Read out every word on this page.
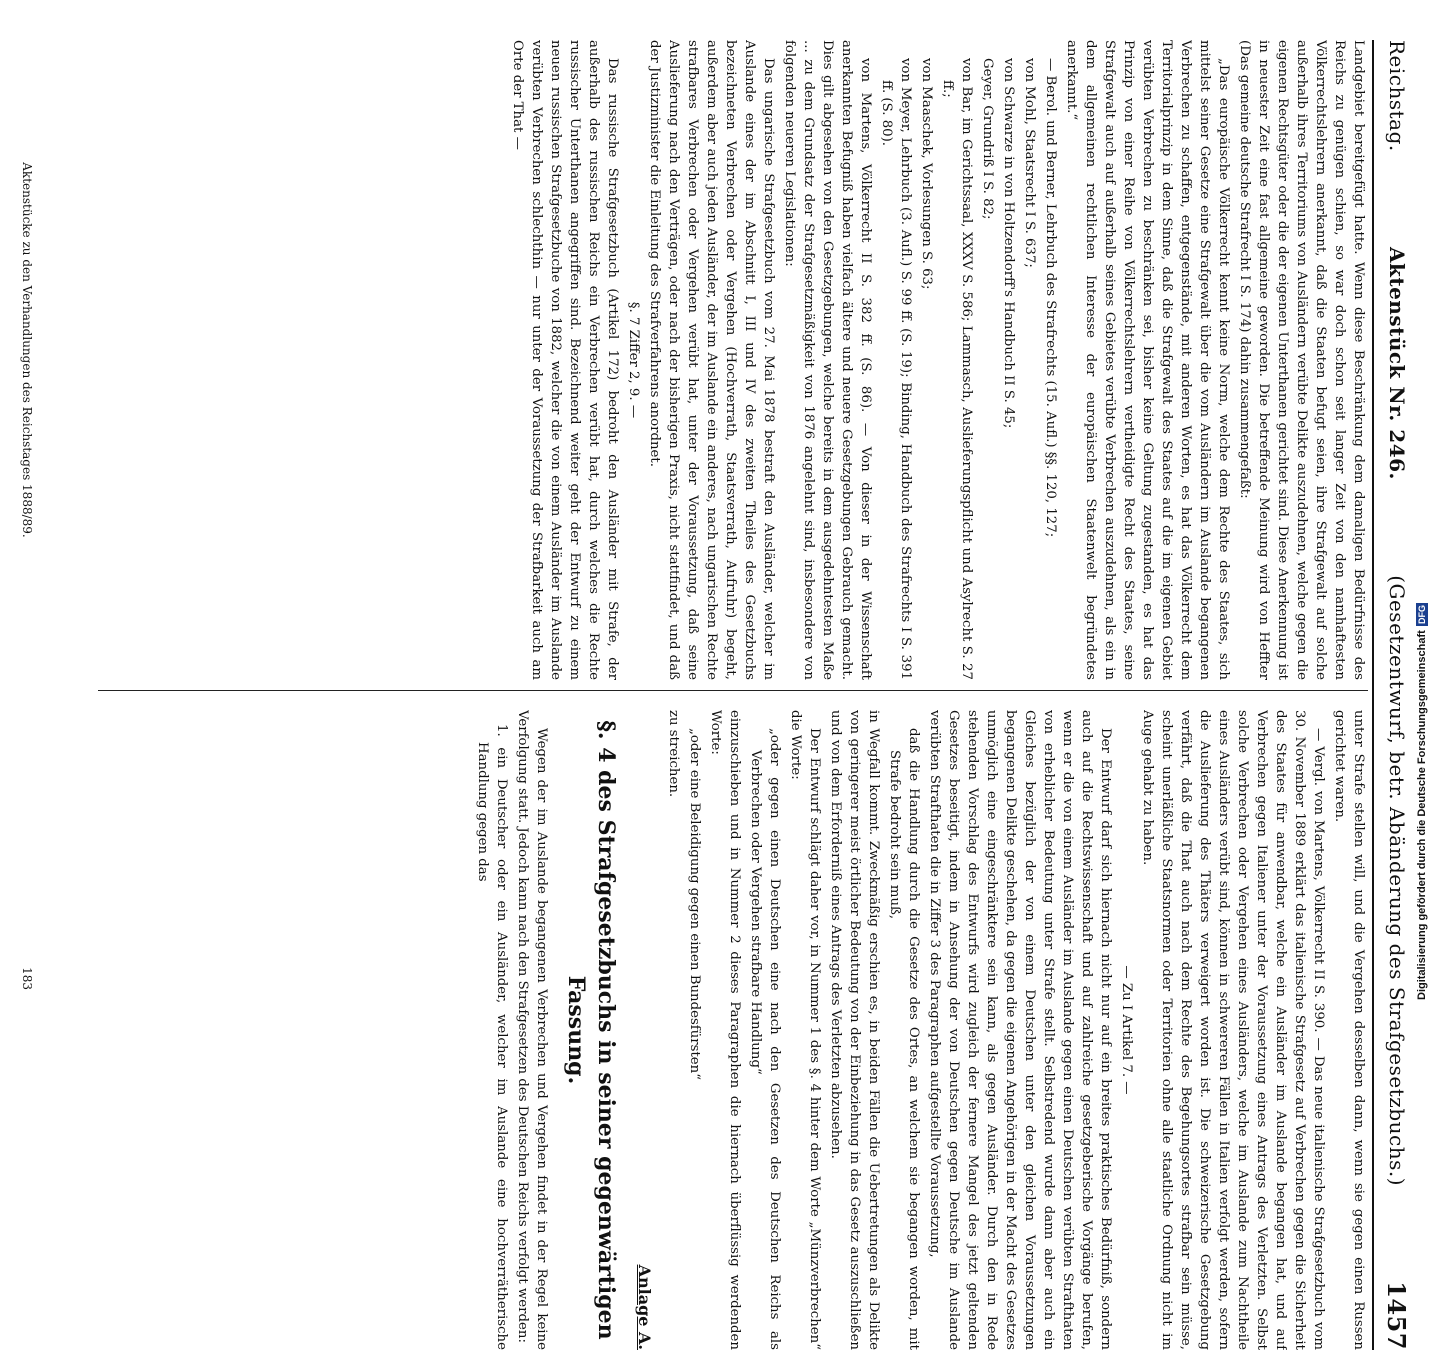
Reichstag.
Aktenstück Nr. 246.
(Gesetzentwurf, betr. Abänderung des Strafgesetzbuchs.)
1457

Landgebiet bereitgefügt hatte. Wenn diese Beschränkung dem damaligen Bedürfnisse des Reichs zu genügen schien, so war doch schon seit langer Zeit von den namhaftesten Völkerrechtslehrern anerkannt, daß die Staaten befugt seien, ihre Strafgewalt auf solche außerhalb ihres Territoriums von Ausländern verübte Delikte auszudehnen, welche gegen die eigenen Rechtsgüter oder die der eigenen Unterthanen gerichtet sind. Diese Anerkennung ist in neuester Zeit eine fast allgemeine geworden. Die betreffende Meinung wird von Heffter (Das gemeine deutsche Strafrecht I S. 174) dahin zusammengefaßt:

„Das europäische Völkerrecht kennt keine Norm, welche dem Rechte des Staates, sich mittelst seiner Gesetze eine Strafgewalt über die vom Ausländern im Auslande begangenen Verbrechen zu schaffen, entgegenstände, mit anderen Worten, es hat das Völkerrecht dem Territorialprinzip in dem Sinne, daß die Strafgewalt des Staates auf die im eigenen Gebiet verübten Verbrechen zu beschränken sei, bisher keine Geltung zugestanden, es hat das Prinzip von einer Reihe von Völkerrechtslehrern vertheidigte Recht des Staates, seine Strafgewalt auch auf außerhalb seines Gebietes verübte Verbrechen auszudehnen, als ein in dem allgemeinen rechtlichen Interesse der europäischen Staatenwelt begründetes anerkannt.“

— Berol. und Berner, Lehrbuch des Strafrechts (15. Aufl.) §§. 120, 127;

von Mohl, Staatsrecht I S. 637;

von Schwarze in von Holtzendorff's Handbuch II S. 45;

Geyer, Grundriß I S. 82;

von Bar, im Gerichtssaal, XXXV S. 586; Lammasch, Auslieferungspflicht und Asylrecht S. 27 ff.;

von Maaschek, Vorlesungen S. 63;

von Meyer, Lehrbuch (3. Aufl.) S. 99 ff. (S. 19); Binding, Handbuch des Strafrechts I S. 391 ff. (S. 80).

von Martens, Völkerrecht II S. 382 ff. (S. 86). — Von dieser in der Wissenschaft anerkannten Befugniß haben vielfach ältere und neuere Gesetzgebungen Gebrauch gemacht. Dies gilt abgesehen von den Gesetzgebungen, welche bereits in dem ausgedehntesten Maße ... zu dem Grundsatz der Strafgesetzmäßigkeit von 1876 angelehnt sind, insbesondere von folgenden neueren Legislationen:

Das ungarische Strafgesetzbuch vom 27. Mai 1878 bestraft den Ausländer, welcher im Auslande eines der im Abschnitt I, III und IV des zweiten Theiles des Gesetzbuchs bezeichneten Verbrechen oder Vergehen (Hochverrath, Staatsverrath, Aufruhr) begeht, außerdem aber auch jeden Ausländer, der im Auslande ein anderes, nach ungarischen Rechte strafbares Verbrechen oder Vergehen verübt hat, unter der Voraussetzung, daß seine Auslieferung nach den Verträgen, oder nach der bisherigen Praxis, nicht stattfindet, und daß der Justizminister die Einleitung des Strafverfahrens anordnet.

§. 7 Ziffer 2, 9. —

Das russische Strafgesetzbuch (Artikel 172) bedroht den Ausländer mit Strafe, der außerhalb des russischen Reichs ein Verbrechen verübt hat, durch welches die Rechte russischer Unterthanen angegriffen sind. Bezeichnend weiter geht der Entwurf zu einem neuen russischen Strafgesetzbuche von 1882, welcher die von einem Ausländer im Auslande verübten Verbrechen schlechthin — nur unter der Voraussetzung der Strafbarkeit auch am Orte der That —

unter Strafe stellen will, und die Vergehen desselben dann, wenn sie gegen einen Russen gerichtet waren.

— Vergl. von Martens, Völkerrecht II S. 390. — Das neue italienische Strafgesetzbuch vom 30. November 1889 erklärt das italienische Strafgesetz auf Verbrechen gegen die Sicherheit des Staates für anwendbar, welche ein Ausländer im Auslande begangen hat, und auf Verbrechen gegen Italiener unter der Voraussetzung eines Antrags des Verletzten. Selbst solche Verbrechen oder Vergehen eines Ausländers, welche im Auslande zum Nachtheile eines Ausländers verübt sind, können in schwereren Fällen in Italien verfolgt werden, sofern die Auslieferung des Thäters verweigert worden ist. Die schweizerische Gesetzgebung verfährt, daß die That auch nach dem Rechte des Begehungsortes strafbar sein müsse, scheint unerläßliche Staatsnormen oder Territorien ohne alle staatliche Ordnung nicht im Auge gehabt zu haben.

— Zu I Artikel 7. —

Der Entwurf darf sich hiernach nicht nur auf ein breites praktisches Bedürfniß, sondern auch auf die Rechtswissenschaft und auf zahlreiche gesetzgeberische Vorgänge berufen, wenn er die von einem Ausländer im Auslande gegen einen Deutschen verübten Strafthaten von erheblicher Bedeutung unter Strafe stellt. Selbstredend wurde dann aber auch ein Gleiches bezüglich der von einem Deutschen unter den gleichen Voraussetzungen begangenen Delikte geschehen, da gegen die eigenen Angehörigen in der Macht des Gesetzes unmöglich eine eingeschränktere sein kann, als gegen Ausländer. Durch den in Rede stehenden Vorschlag des Entwurfs wird zugleich der fernere Mangel des jetzt geltenden Gesetzes beseitigt, indem in Ansehung der von Deutschen gegen Deutsche im Auslande verübten Strafthaten die in Ziffer 3 des Paragraphen aufgestellte Voraussetzung,

daß die Handlung durch die Gesetze des Ortes, an welchem sie begangen worden, mit Strafe bedroht sein muß,

in Wegfall kommt. Zweckmäßig erschien es, in beiden Fällen die Uebertretungen als Delikte von geringerer meist örtlicher Bedeutung von der Einbeziehung in das Gesetz auszuschließen und von dem Erforderniß eines Antrags des Verletzten abzusehen.

Der Entwurf schlägt daher vor, in Nummer 1 des §. 4 hinter dem Worte „Münzverbrechen“ die Worte:

„oder gegen einen Deutschen eine nach den Gesetzen des Deutschen Reichs als Verbrechen oder Vergehen strafbare Handlung“

einzuschieben und in Nummer 2 dieses Paragraphen die hiernach überflüssig werdenden Worte:

„oder eine Beleidigung gegen einen Bundesfürsten“

zu streichen.

Anlage A.
§. 4 des Strafgesetzbuchs in seiner gegenwärtigen Fassung.

Wegen der im Auslande begangenen Verbrechen und Vergehen findet in der Regel keine Verfolgung statt. Jedoch kann nach den Strafgesetzen des Deutschen Reichs verfolgt werden:

1. ein Deutscher oder ein Ausländer, welcher im Auslande eine hochverrätherische Handlung gegen das

Aktenstücke zu den Verhandlungen des Reichstages 1888/89.
183	Digitalisierung gefördert durch die Deutsche Forschungsgemeinschaft
DFG
